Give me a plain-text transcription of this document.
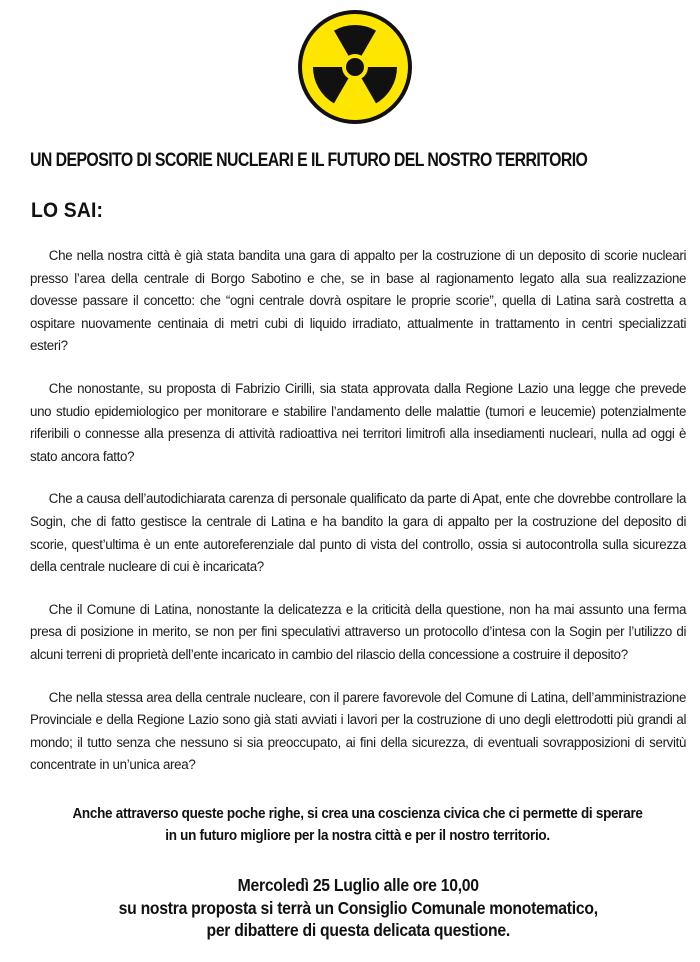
UN DEPOSITO DI SCORIE NUCLEARI E IL FUTURO DEL NOSTRO TERRITORIO
LO SAI:

Che nella nostra città è già stata bandita una gara di appalto per la costruzione di un deposito di scorie nucleari presso l’area della centrale di Borgo Sabotino e che, se in base al ragionamento legato alla sua realizzazione dovesse passare il concetto: che “ogni centrale dovrà ospitare le proprie scorie”, quella di Latina sarà costretta a ospitare nuovamente centinaia di metri cubi di liquido irradiato, attualmente in trattamento in centri specializzati esteri?

Che nonostante, su proposta di Fabrizio Cirilli, sia stata approvata dalla Regione Lazio una legge che prevede uno studio epidemiologico per monitorare e stabilire l’andamento delle malattie (tumori e leucemie) potenzialmente riferibili o connesse alla presenza di attività radioattiva nei territori limitrofi alla insediamenti nucleari, nulla ad oggi è stato ancora fatto?

Che a causa dell’autodichiarata carenza di personale qualificato da parte di Apat, ente che dovrebbe controllare la Sogin, che di fatto gestisce la centrale di Latina e ha bandito la gara di appalto per la costruzione del deposito di scorie, quest’ultima è un ente autoreferenziale dal punto di vista del controllo, ossia si autocontrolla sulla sicurezza della centrale nucleare di cui è incaricata?

Che il Comune di Latina, nonostante la delicatezza e la criticità della questione, non ha mai assunto una ferma presa di posizione in merito, se non per fini speculativi attraverso un protocollo d’intesa con la Sogin per l’utilizzo di alcuni terreni di proprietà dell’ente incaricato in cambio del rilascio della concessione a costruire il deposito?

Che nella stessa area della centrale nucleare, con il parere favorevole del Comune di Latina, dell’amministrazione Provinciale e della Regione Lazio sono già stati avviati i lavori per la costruzione di uno degli elettrodotti più grandi al mondo; il tutto senza che nessuno si sia preoccupato, ai fini della sicurezza, di eventuali sovrapposizioni di servitù concentrate in un’unica area?

Anche attraverso queste poche righe, si crea una coscienza civica che ci permette di sperare
in un futuro migliore per la nostra città e per il nostro territorio.
Mercoledì 25 Luglio alle ore 10,00
su nostra proposta si terrà un Consiglio Comunale monotematico,
per dibattere di questa delicata questione.
